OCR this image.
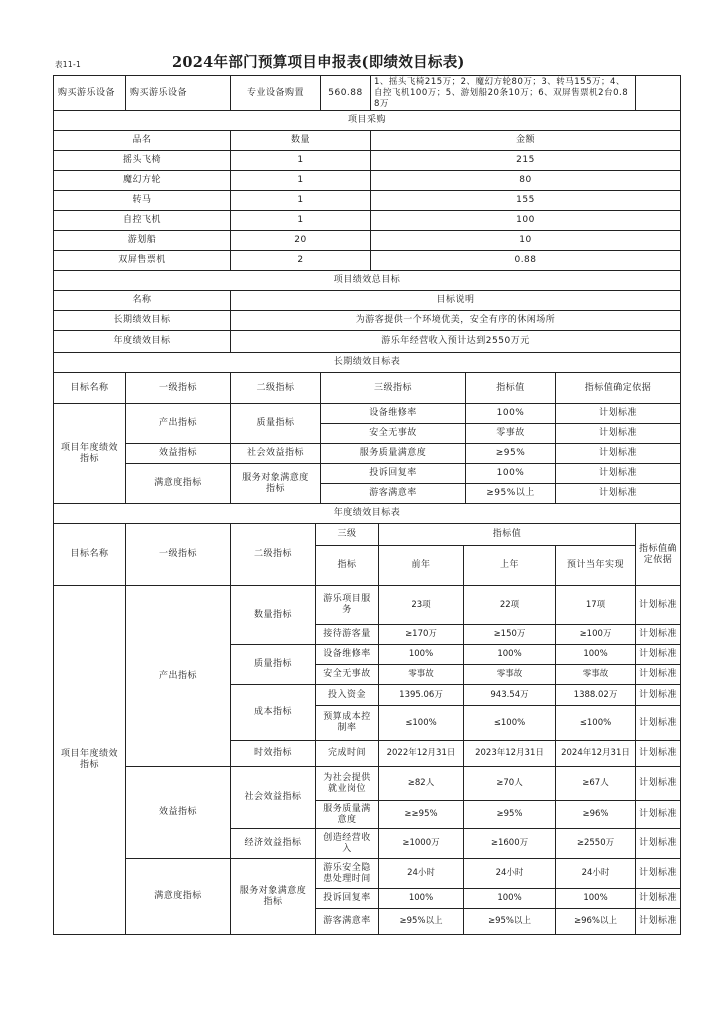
表11-1	2024年部门预算项目申报表(即绩效目标表)
购买游乐设备	购买游乐设备	专业设备购置	560.88	1、摇头飞椅215万；2、魔幻方轮80万；3、转马155万；4、自控飞机100万；5、游划船20条10万；6、双屏售票机2台0.88万	
项目采购		
品名	数量	金额
摇头飞椅	1	215
魔幻方轮	1	80
转马	1	155
自控飞机	1	100
游划船	20	10
双屏售票机	2	0.88
项目绩效总目标	
名称	目标说明
长期绩效目标	为游客提供一个环境优美，安全有序的休闲场所
年度绩效目标	游乐年经营收入预计达到2550万元
长期绩效目标表					
目标名称	一级指标	二级指标	三级指标	指标值	指标值确定依据
项目年度绩效指标	产出指标	质量指标	设备维修率	100%	计划标准
			安全无事故	零事故	计划标准
	效益指标	社会效益指标	服务质量满意度	≥95%	计划标准
	满意度指标	服务对象满意度指标	投诉回复率	100%	计划标准
			游客满意率	≥95%以上	计划标准
年度绩效目标表							
目标名称	一级指标	二级指标	三级	指标值			指标值确定依据
			指标	前年	上年	预计当年实现	
项目年度绩效指标	产出指标	数量指标	游乐项目服务	23项	22项	17项	计划标准
			接待游客量	≥170万	≥150万	≥100万	计划标准
		质量指标	设备维修率	100%	100%	100%	计划标准
			安全无事故	零事故	零事故	零事故	计划标准
		成本指标	投入资金	1395.06万	943.54万	1388.02万	计划标准
			预算成本控制率	≤100%	≤100%	≤100%	计划标准
		时效指标	完成时间	2022年12月31日	2023年12月31日	2024年12月31日	计划标准
	效益指标	社会效益指标	为社会提供就业岗位	≥82人	≥70人	≥67人	计划标准
			服务质量满意度	≥≥95%	≥95%	≥96%	计划标准
		经济效益指标	创造经营收入	≥1000万	≥1600万	≥2550万	计划标准
	满意度指标	服务对象满意度指标	游乐安全隐患处理时间	24小时	24小时	24小时	计划标准
			投诉回复率	100%	100%	100%	计划标准
			游客满意率	≥95%以上	≥95%以上	≥96%以上	计划标准
